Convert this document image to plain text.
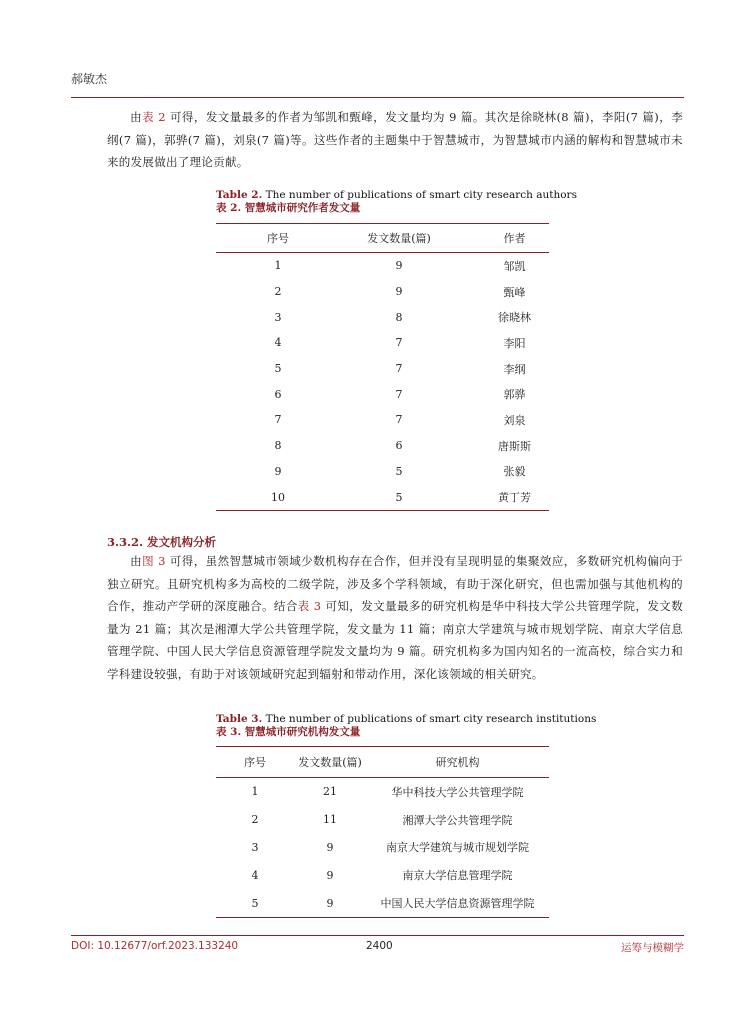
郝敏杰
由表 2 可得，发文量最多的作者为邹凯和甄峰，发文量均为 9 篇。其次是徐晓林(8 篇)，李阳(7 篇)，李纲(7 篇)，郭骅(7 篇)，刘泉(7 篇)等。这些作者的主题集中于智慧城市，为智慧城市内涵的解构和智慧城市未来的发展做出了理论贡献。
Table 2. The number of publications of smart city research authors
表 2. 智慧城市研究作者发文量
序号	发文数量(篇)	作者
1	9	邹凯
2	9	甄峰
3	8	徐晓林
4	7	李阳
5	7	李纲
6	7	郭骅
7	7	刘泉
8	6	唐斯斯
9	5	张毅
10	5	黄丁芳
3.3.2. 发文机构分析
由图 3 可得，虽然智慧城市领域少数机构存在合作，但并没有呈现明显的集聚效应，多数研究机构偏向于独立研究。且研究机构多为高校的二级学院，涉及多个学科领域，有助于深化研究，但也需加强与其他机构的合作，推动产学研的深度融合。结合表 3 可知，发文量最多的研究机构是华中科技大学公共管理学院，发文数量为 21 篇；其次是湘潭大学公共管理学院，发文量为 11 篇；南京大学建筑与城市规划学院、南京大学信息管理学院、中国人民大学信息资源管理学院发文量均为 9 篇。研究机构多为国内知名的一流高校，综合实力和学科建设较强，有助于对该领域研究起到辐射和带动作用，深化该领域的相关研究。
Table 3. The number of publications of smart city research institutions
表 3. 智慧城市研究机构发文量
序号	发文数量(篇)	研究机构
1	21	华中科技大学公共管理学院
2	11	湘潭大学公共管理学院
3	9	南京大学建筑与城市规划学院
4	9	南京大学信息管理学院
5	9	中国人民大学信息资源管理学院
DOI: 10.12677/orf.2023.133240	2400	运筹与模糊学
